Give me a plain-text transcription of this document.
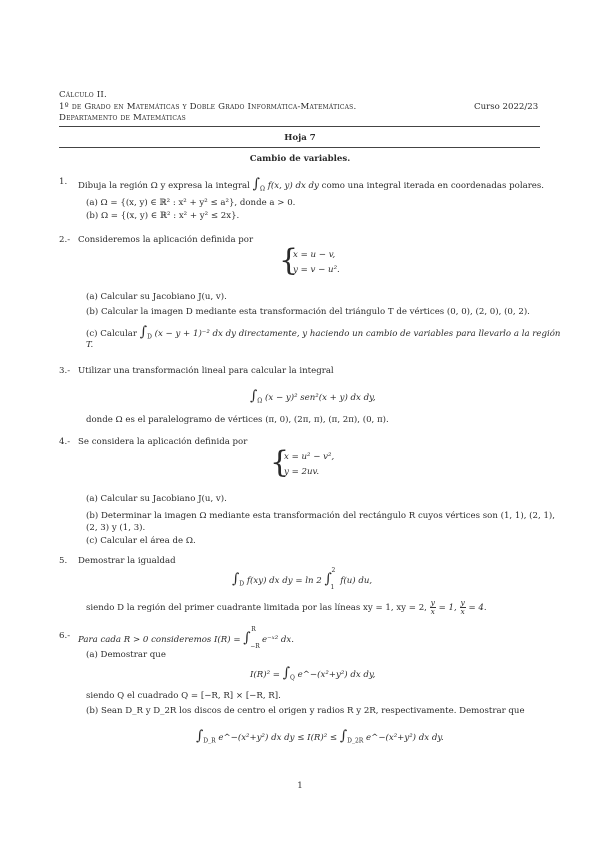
Cálculo II.
1º de Grado en Matemáticas y Doble Grado Informática-Matemáticas.	Curso 2022/23
Departamento de Matemáticas
Hoja 7
Cambio de variables.
1. Dibuja la región Ω y expresa la integral $\int_\Omega$ f(x, y) dx dy como una integral iterada en coordenadas polares.
(a) Ω = {(x, y) ∈ ℝ² : x² + y² ≤ a²}, donde a > 0.
(b) Ω = {(x, y) ∈ ℝ² : x² + y² ≤ 2x}.
2.- Consideremos la aplicación definida por
{
x = u − v,
y = v − u².
(a) Calcular su Jacobiano J(u, v).
(b) Calcular la imagen D mediante esta transformación del triángulo T de vértices (0, 0), (2, 0), (0, 2).
(c) Calcular $\int_D$ (x − y + 1)⁻² dx dy directamente, y haciendo un cambio de variables para llevarlo a la región
T.
3.- Utilizar una transformación lineal para calcular la integral
$\int_\Omega$ (x − y)² sen²(x + y) dx dy,
donde Ω es el paralelogramo de vértices (π, 0), (2π, π), (π, 2π), (0, π).
4.- Se considera la aplicación definida por
{
x = u² − v²,
y = 2uv.
(a) Calcular su Jacobiano J(u, v).
(b) Determinar la imagen Ω mediante esta transformación del rectángulo R cuyos vértices son (1, 1), (2, 1),
(2, 3) y (1, 3).
(c) Calcular el área de Ω.
5. Demostrar la igualdad
$\int_D$ f(xy) dx dy = ln 2 ∫
2
1
f(u) du,
siendo D la región del primer cuadrante limitada por las líneas xy = 1, xy = 2, $\frac{y}{x} = 1$, $\frac{y}{x} = 4$.
6.- Para cada R > 0 consideremos I(R) = ∫
R
−R
e⁻ˣ² dx.
(a) Demostrar que
$I(R)^2 = \int_Q$ e^−(x²+y²) dx dy,
siendo Q el cuadrado Q = [−R, R] × [−R, R].
(b) Sean D_R y D_2R los discos de centro el origen y radios R y 2R, respectivamente. Demostrar que
$\int_{D\_R}$ e^−(x²+y²) dx dy ≤ $I(R)^2 \le \int_{D\_2R}$ e^−(x²+y²) dx dy.
1
